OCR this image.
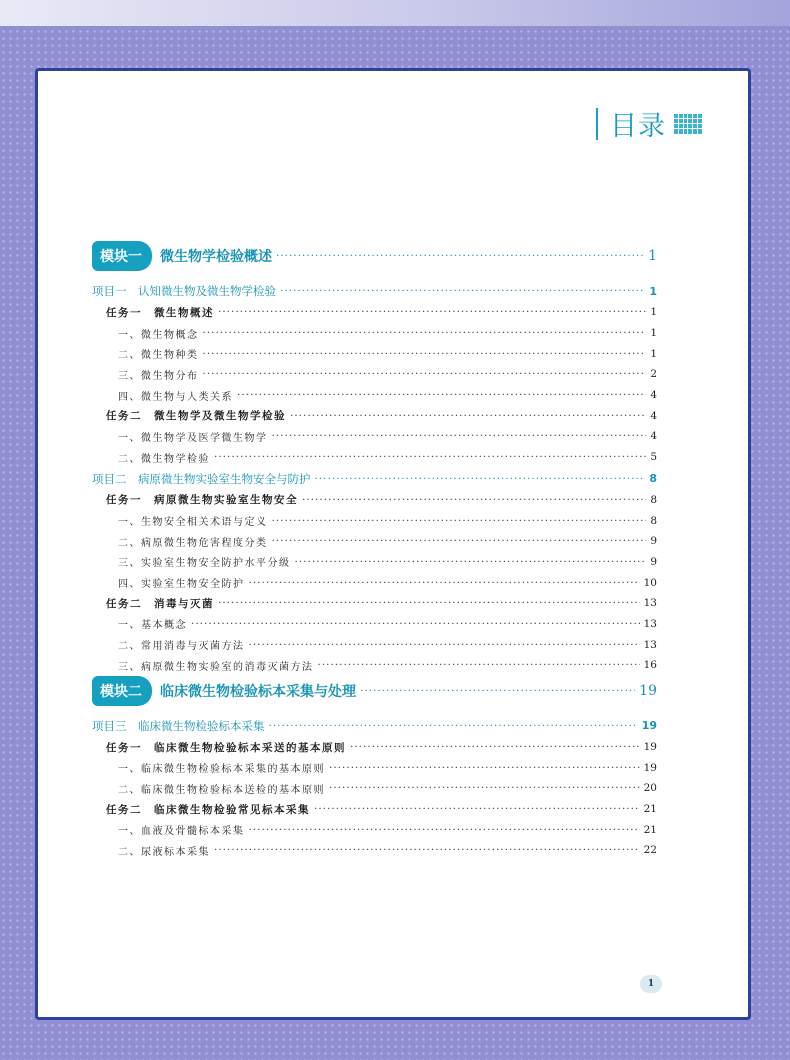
目录
模块一	微生物学检验概述 ·····	1
项目一　认知微生物及微生物学检验 ·····	1
任务一　微生物概述 ·····	1
一、微生物概念 ·····	1
二、微生物种类 ·····	1
三、微生物分布 ·····	2
四、微生物与人类关系 ·····	4
任务二　微生物学及微生物学检验 ·····	4
一、微生物学及医学微生物学 ·····	4
二、微生物学检验 ·····	5
项目二　病原微生物实验室生物安全与防护 ·····	8
任务一　病原微生物实验室生物安全 ·····	8
一、生物安全相关术语与定义 ·····	8
二、病原微生物危害程度分类 ·····	9
三、实验室生物安全防护水平分级 ·····	9
四、实验室生物安全防护 ·····	10
任务二　消毒与灭菌 ·····	13
一、基本概念 ·····	13
二、常用消毒与灭菌方法 ·····	13
三、病原微生物实验室的消毒灭菌方法 ·····	16
模块二	临床微生物检验标本采集与处理 ·····	19
项目三　临床微生物检验标本采集 ·····	19
任务一　临床微生物检验标本采送的基本原则 ·····	19
一、临床微生物检验标本采集的基本原则 ·····	19
二、临床微生物检验标本送检的基本原则 ·····	20
任务二　临床微生物检验常见标本采集 ·····	21
一、血液及骨髓标本采集 ·····	21
二、尿液标本采集 ·····	22
1
